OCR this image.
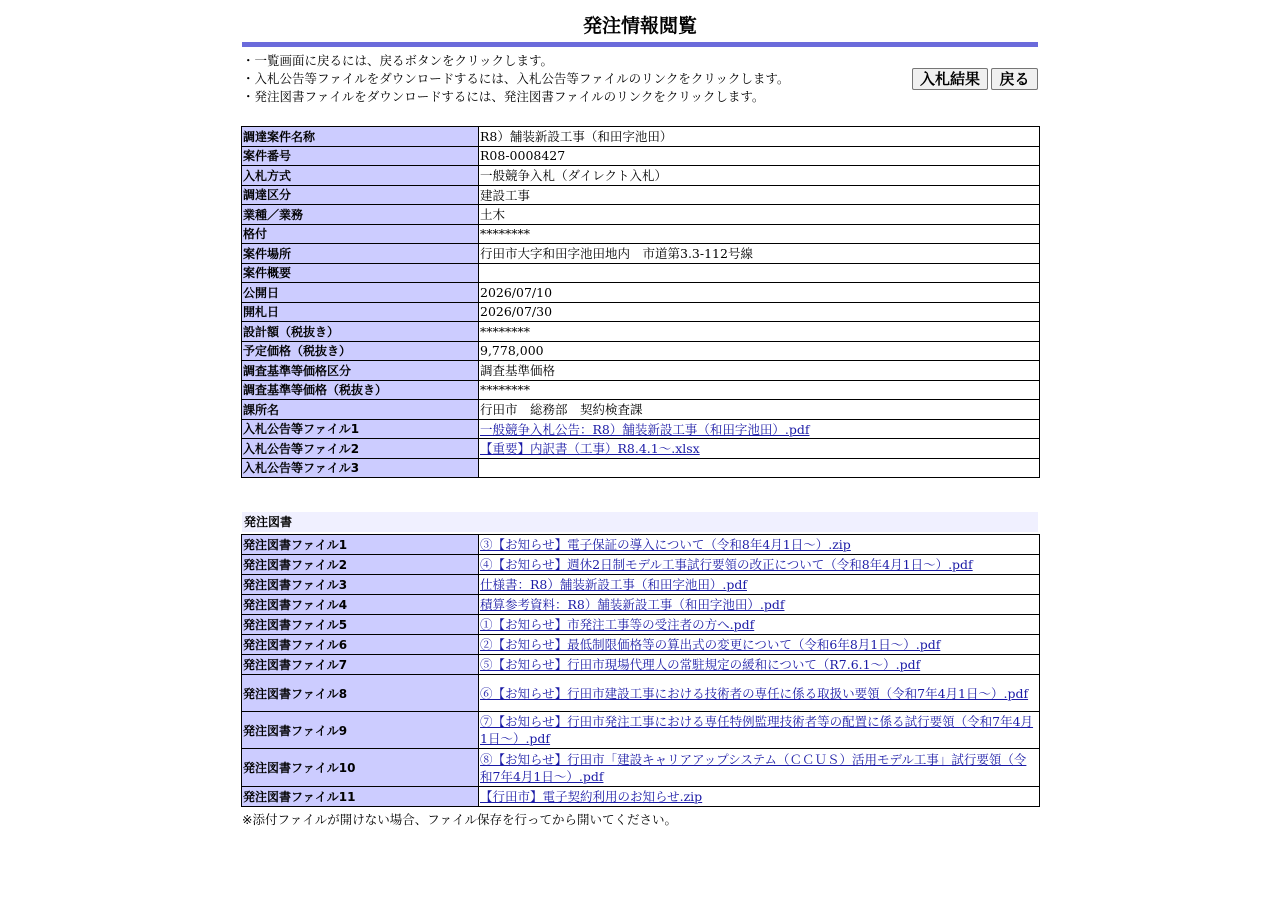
発注情報閲覧
・一覧画面に戻るには、戻るボタンをクリックします。
・入札公告等ファイルをダウンロードするには、入札公告等ファイルのリンクをクリックします。
・発注図書ファイルをダウンロードするには、発注図書ファイルのリンクをクリックします。
入札結果	戻る
調達案件名称	R8）舗装新設工事（和田字池田）
案件番号	R08-0008427
入札方式	一般競争入札（ダイレクト入札）
調達区分	建設工事
業種／業務	土木
格付	********
案件場所	行田市大字和田字池田地内　市道第3.3-112号線
案件概要	
公開日	2026/07/10
開札日	2026/07/30
設計額（税抜き）	********
予定価格（税抜き）	9,778,000
調査基準等価格区分	調査基準価格
調査基準等価格（税抜き）	********
課所名	行田市　総務部　契約検査課
入札公告等ファイル1	一般競争入札公告：R8）舗装新設工事（和田字池田）.pdf
入札公告等ファイル2	【重要】内訳書（工事）R8.4.1～.xlsx
入札公告等ファイル3	
発注図書
発注図書ファイル1	③【お知らせ】電子保証の導入について（令和8年4月1日～）.zip
発注図書ファイル2	④【お知らせ】週休2日制モデル工事試行要領の改正について（令和8年4月1日～）.pdf
発注図書ファイル3	仕様書：R8）舗装新設工事（和田字池田）.pdf
発注図書ファイル4	積算参考資料：R8）舗装新設工事（和田字池田）.pdf
発注図書ファイル5	①【お知らせ】市発注工事等の受注者の方へ.pdf
発注図書ファイル6	②【お知らせ】最低制限価格等の算出式の変更について（令和6年8月1日～）.pdf
発注図書ファイル7	⑤【お知らせ】行田市現場代理人の常駐規定の緩和について（R7.6.1～）.pdf
発注図書ファイル8	⑥【お知らせ】行田市建設工事における技術者の専任に係る取扱い要領（令和7年4月1日～）.pdf
発注図書ファイル9	⑦【お知らせ】行田市発注工事における専任特例監理技術者等の配置に係る試行要領（令和7年4月1日～）.pdf
発注図書ファイル10	⑧【お知らせ】行田市「建設キャリアアップシステム（ＣＣＵＳ）活用モデル工事」試行要領（令和7年4月1日～）.pdf
発注図書ファイル11	【行田市】電子契約利用のお知らせ.zip
※添付ファイルが開けない場合、ファイル保存を行ってから開いてください。
